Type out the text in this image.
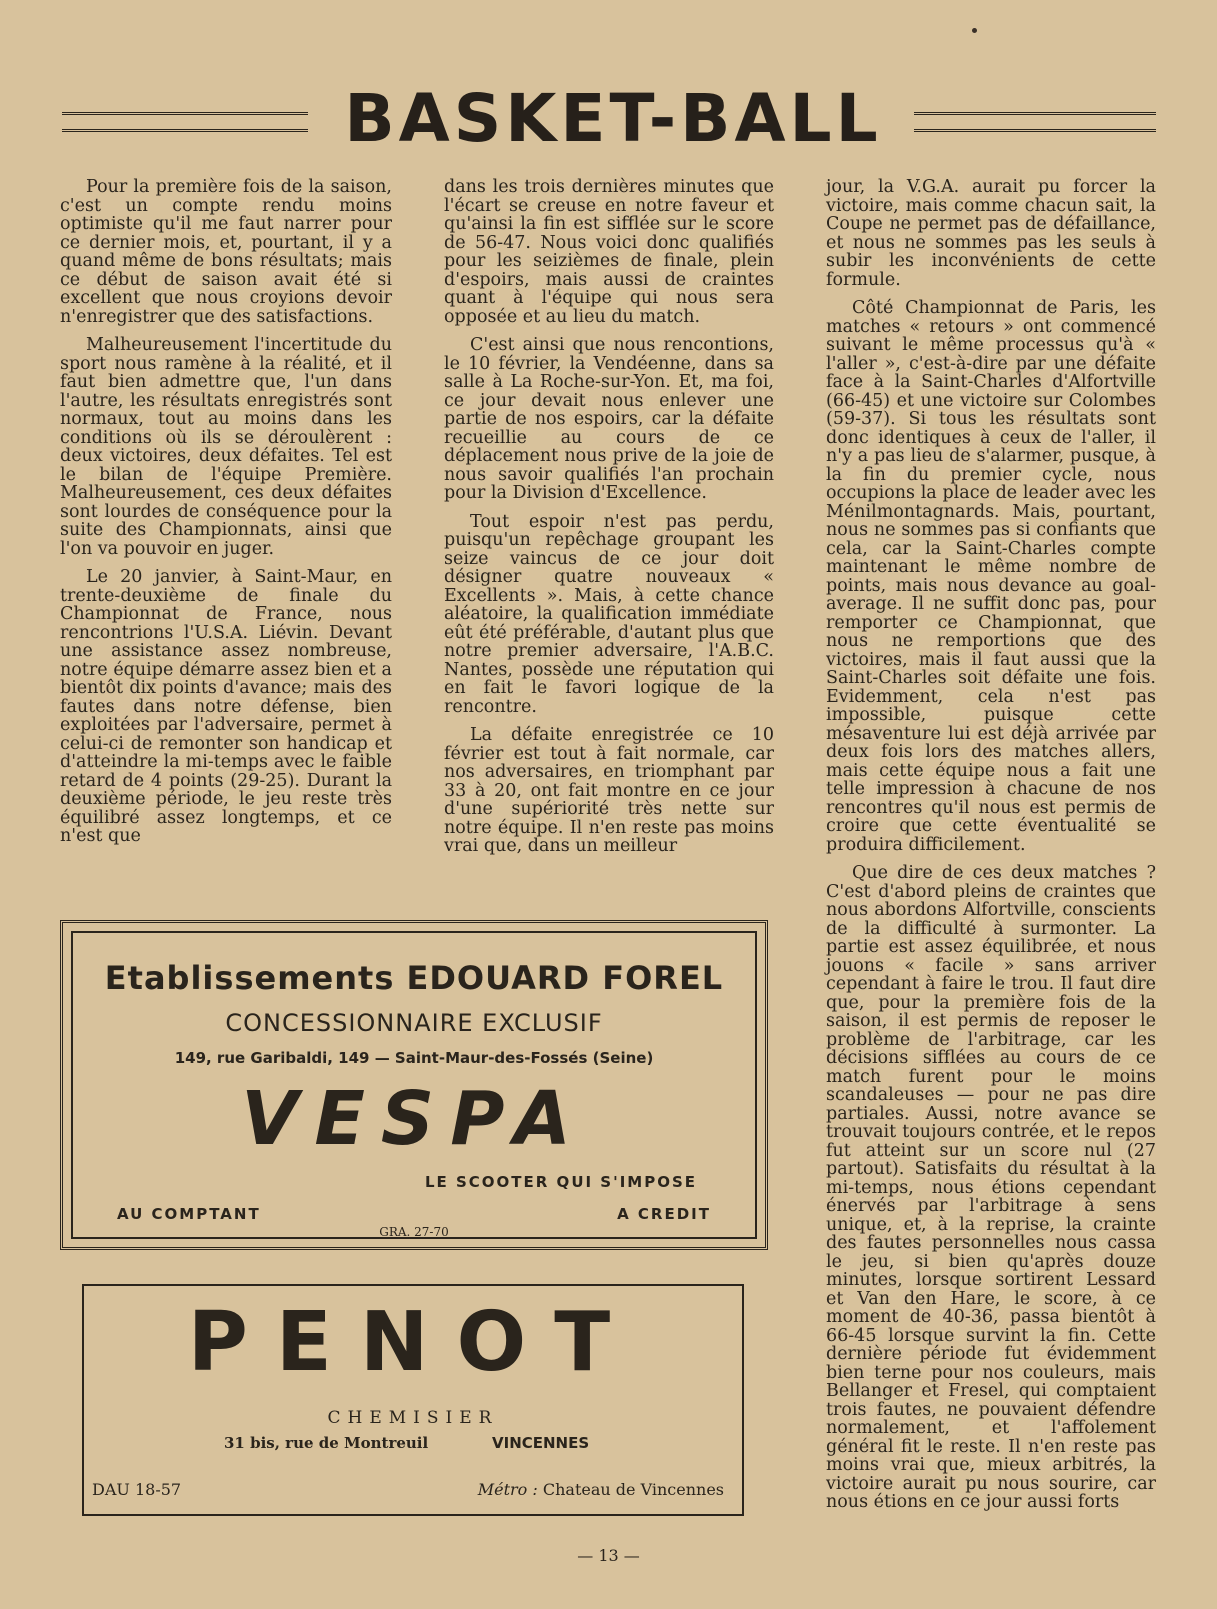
BASKET-BALL

Pour la première fois de la saison, c'est un compte rendu moins optimiste qu'il me faut narrer pour ce dernier mois, et, pourtant, il y a quand même de bons résultats; mais ce début de saison avait été si excellent que nous croyions devoir n'enregistrer que des satisfactions.

Malheureusement l'incertitude du sport nous ramène à la réalité, et il faut bien admettre que, l'un dans l'autre, les résultats enregistrés sont normaux, tout au moins dans les conditions où ils se déroulèrent : deux victoires, deux défaites. Tel est le bilan de l'équipe Première. Malheureusement, ces deux défaites sont lourdes de conséquence pour la suite des Championnats, ainsi que l'on va pouvoir en juger.

Le 20 janvier, à Saint-Maur, en trente-deuxième de finale du Championnat de France, nous rencontrions l'U.S.A. Liévin. Devant une assistance assez nombreuse, notre équipe démarre assez bien et a bientôt dix points d'avance; mais des fautes dans notre défense, bien exploitées par l'adversaire, permet à celui-ci de remonter son handicap et d'atteindre la mi-temps avec le faible retard de 4 points (29-25). Durant la deuxième période, le jeu reste très équilibré assez longtemps, et ce n'est que

dans les trois dernières minutes que l'écart se creuse en notre faveur et qu'ainsi la fin est sifflée sur le score de 56-47. Nous voici donc qualifiés pour les seizièmes de finale, plein d'espoirs, mais aussi de craintes quant à l'équipe qui nous sera opposée et au lieu du match.

C'est ainsi que nous rencontions, le 10 février, la Vendéenne, dans sa salle à La Roche-sur-Yon. Et, ma foi, ce jour devait nous enlever une partie de nos espoirs, car la défaite recueillie au cours de ce déplacement nous prive de la joie de nous savoir qualifiés l'an prochain pour la Division d'Excellence.

Tout espoir n'est pas perdu, puisqu'un repêchage groupant les seize vaincus de ce jour doit désigner quatre nouveaux « Excellents ». Mais, à cette chance aléatoire, la qualification immédiate eût été préférable, d'autant plus que notre premier adversaire, l'A.B.C. Nantes, possède une réputation qui en fait le favori logique de la rencontre.

La défaite enregistrée ce 10 février est tout à fait normale, car nos adversaires, en triomphant par 33 à 20, ont fait montre en ce jour d'une supériorité très nette sur notre équipe. Il n'en reste pas moins vrai que, dans un meilleur

jour, la V.G.A. aurait pu forcer la victoire, mais comme chacun sait, la Coupe ne permet pas de défaillance, et nous ne sommes pas les seuls à subir les inconvénients de cette formule.

Côté Championnat de Paris, les matches « retours » ont commencé suivant le même processus qu'à « l'aller », c'est-à-dire par une défaite face à la Saint-Charles d'Alfortville (66-45) et une victoire sur Colombes (59-37). Si tous les résultats sont donc identiques à ceux de l'aller, il n'y a pas lieu de s'alarmer, pusque, à la fin du premier cycle, nous occupions la place de leader avec les Ménilmontagnards. Mais, pourtant, nous ne sommes pas si confiants que cela, car la Saint-Charles compte maintenant le même nombre de points, mais nous devance au goal-average. Il ne suffit donc pas, pour remporter ce Championnat, que nous ne remportions que des victoires, mais il faut aussi que la Saint-Charles soit défaite une fois. Evidemment, cela n'est pas impossible, puisque cette mésaventure lui est déjà arrivée par deux fois lors des matches allers, mais cette équipe nous a fait une telle impression à chacune de nos rencontres qu'il nous est permis de croire que cette éventualité se produira difficilement.

Que dire de ces deux matches ? C'est d'abord pleins de craintes que nous abordons Alfortville, conscients de la difficulté à surmonter. La partie est assez équilibrée, et nous jouons « facile » sans arriver cependant à faire le trou. Il faut dire que, pour la première fois de la saison, il est permis de reposer le problème de l'arbitrage, car les décisions sifflées au cours de ce match furent pour le moins scandaleuses — pour ne pas dire partiales. Aussi, notre avance se trouvait toujours contrée, et le repos fut atteint sur un score nul (27 partout). Satisfaits du résultat à la mi-temps, nous étions cependant énervés par l'arbitrage à sens unique, et, à la reprise, la crainte des fautes personnelles nous cassa le jeu, si bien qu'après douze minutes, lorsque sortirent Lessard et Van den Hare, le score, à ce moment de 40-36, passa bientôt à 66-45 lorsque survint la fin. Cette dernière période fut évidemment bien terne pour nos couleurs, mais Bellanger et Fresel, qui comptaient trois fautes, ne pouvaient défendre normalement, et l'affolement général fit le reste. Il n'en reste pas moins vrai que, mieux arbitrés, la victoire aurait pu nous sourire, car nous étions en ce jour aussi forts

Etablissements EDOUARD FOREL
CONCESSIONNAIRE EXCLUSIF
149, rue Garibaldi, 149 — Saint-Maur-des-Fossés (Seine)
VESPA
LE SCOOTER QUI S'IMPOSE
AU COMPTANT	A CREDIT
GRA. 27-70
PENOT
CHEMISIER
31 bis, rue de Montreuil	VINCENNES
DAU 18-57	Métro : Chateau de Vincennes
— 13 —
